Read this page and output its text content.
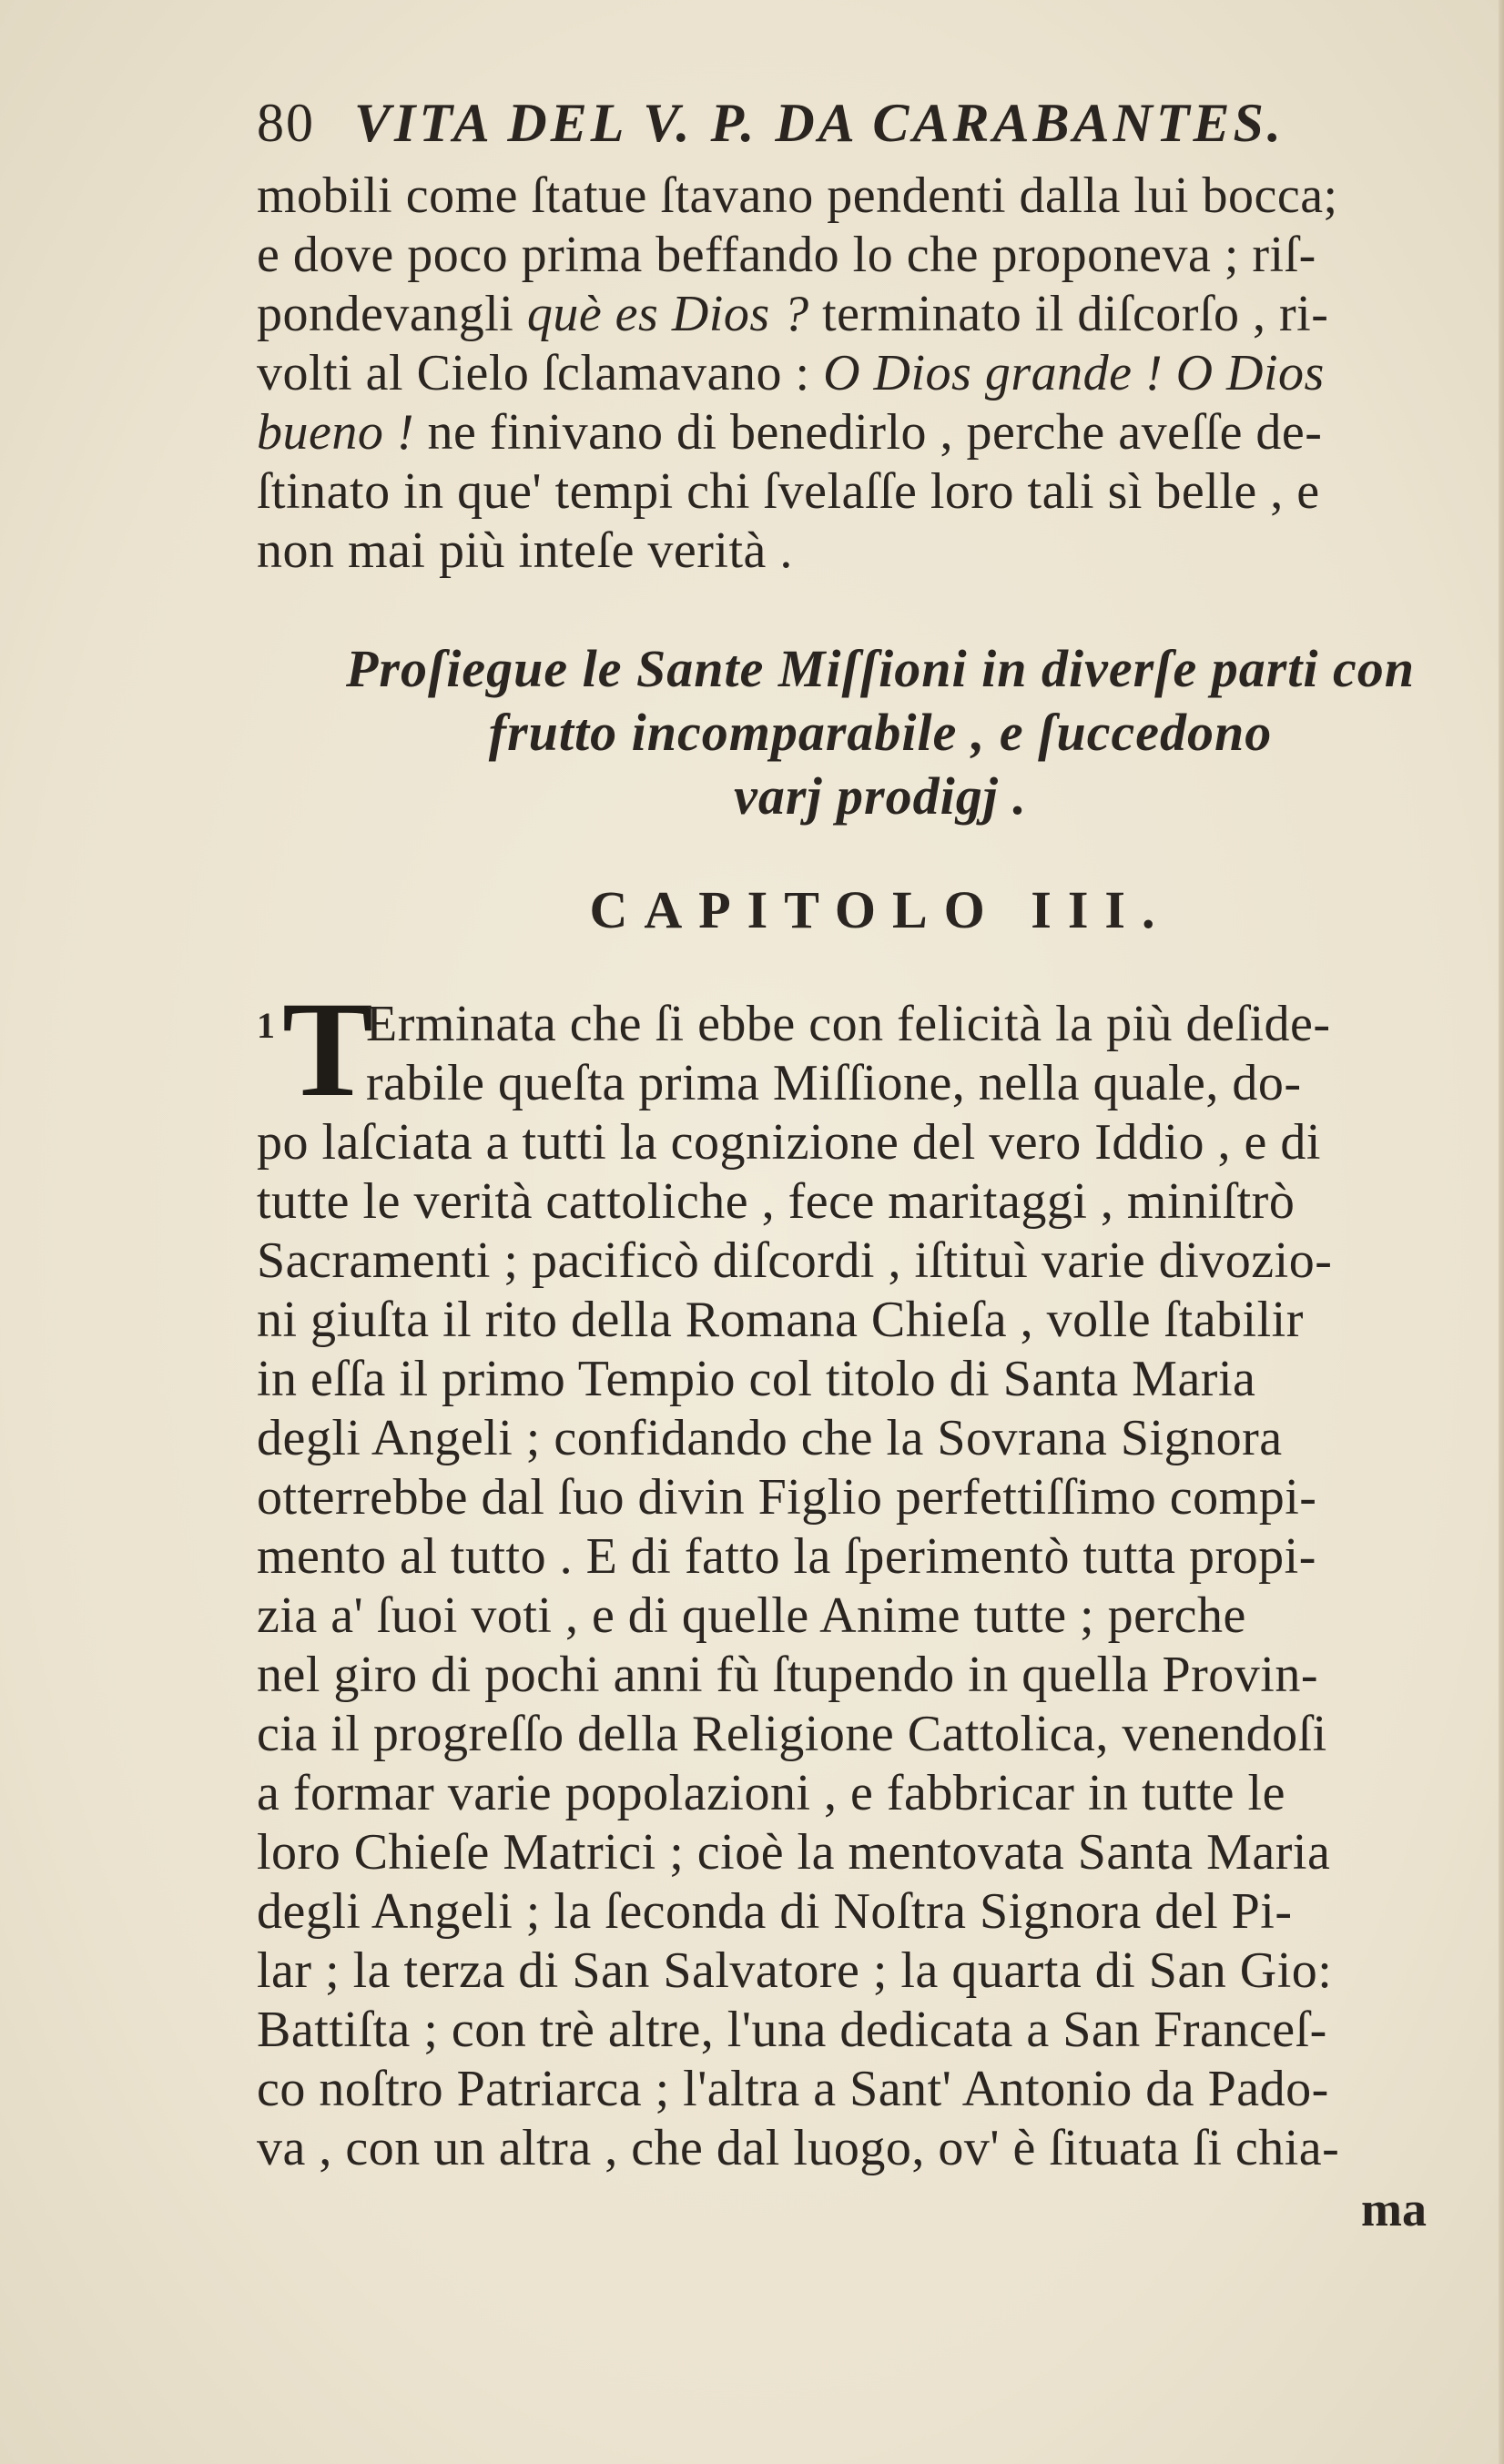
80 VITA DEL V. P. DA CARABANTES.
mobili come ſtatue ſtavano pendenti dalla lui bocca;
e dove poco prima beffando lo che proponeva ; riſ-
pondevangli què es Dios ? terminato il diſcorſo , ri-
volti al Cielo ſclamavano : O Dios grande ! O Dios
bueno ! ne finivano di benedirlo , perche aveſſe de-
ſtinato in que' tempi chi ſvelaſſe loro tali sì belle , e
non mai più inteſe verità .
Proſiegue le Sante Miſſioni in diverſe parti con
frutto incomparabile , e ſuccedono
varj prodigj .
CAPITOLO III.
1 T
Erminata che ſi ebbe con felicità la più deſide-
rabile queſta prima Miſſione, nella quale, do-
po laſciata a tutti la cognizione del vero Iddio , e di
tutte le verità cattoliche , fece maritaggi , miniſtrò
Sacramenti ; pacificò diſcordi , iſtituì varie divozio-
ni giuſta il rito della Romana Chieſa , volle ſtabilir
in eſſa il primo Tempio col titolo di Santa Maria
degli Angeli ; confidando che la Sovrana Signora
otterrebbe dal ſuo divin Figlio perfettiſſimo compi-
mento al tutto . E di fatto la ſperimentò tutta propi-
zia a' ſuoi voti , e di quelle Anime tutte ; perche
nel giro di pochi anni fù ſtupendo in quella Provin-
cia il progreſſo della Religione Cattolica, venendoſi
a formar varie popolazioni , e fabbricar in tutte le
loro Chieſe Matrici ; cioè la mentovata Santa Maria
degli Angeli ; la ſeconda di Noſtra Signora del Pi-
lar ; la terza di San Salvatore ; la quarta di San Gio:
Battiſta ; con trè altre, l'una dedicata a San Franceſ-
co noſtro Patriarca ; l'altra a Sant' Antonio da Pado-
va , con un altra , che dal luogo, ov' è ſituata ſi chia-
ma
